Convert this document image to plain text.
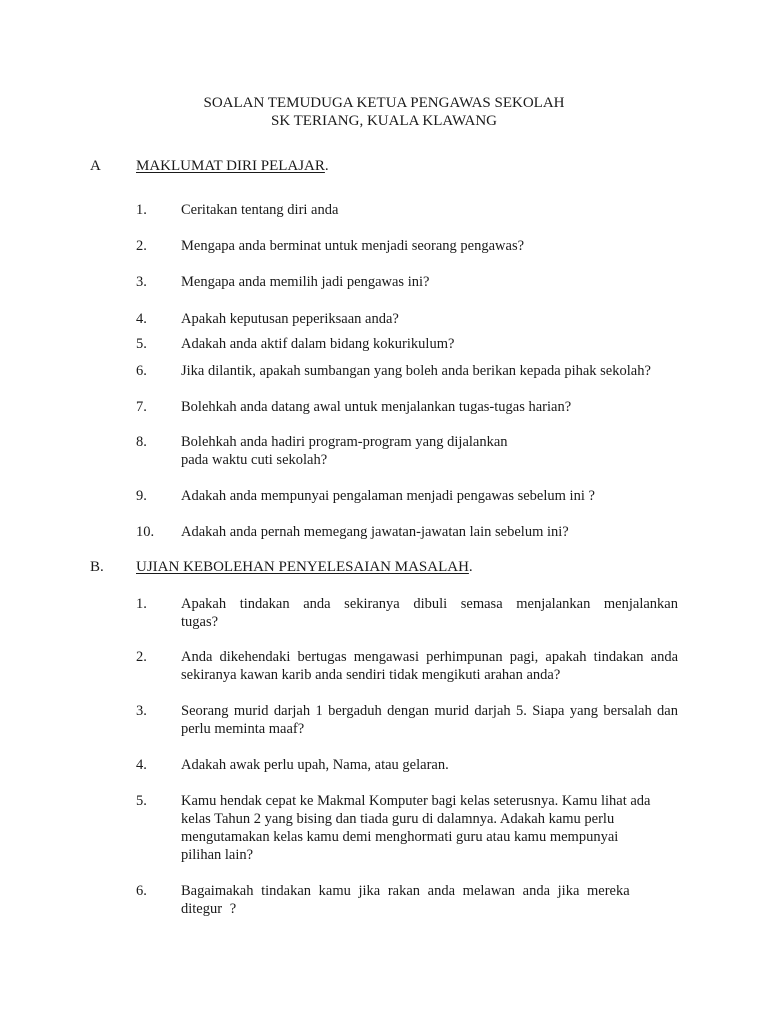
SOALAN TEMUDUGA KETUA PENGAWAS SEKOLAH
SK TERIANG, KUALA KLAWANG
A MAKLUMAT DIRI PELAJAR.
1. Ceritakan tentang diri anda
2. Mengapa anda berminat untuk menjadi seorang pengawas?
3. Mengapa anda memilih jadi pengawas ini?
4. Apakah keputusan peperiksaan anda?
5. Adakah anda aktif dalam bidang kokurikulum?
6. Jika dilantik, apakah sumbangan yang boleh anda berikan kepada pihak sekolah?
7. Bolehkah anda datang awal untuk menjalankan tugas-tugas harian?
8. Bolehkah anda hadiri program-program yang dijalankan
pada waktu cuti sekolah?
9. Adakah anda mempunyai pengalaman menjadi pengawas sebelum ini ?
10. Adakah anda pernah memegang jawatan-jawatan lain sebelum ini?
B. UJIAN KEBOLEHAN PENYELESAIAN MASALAH.
1. Apakah tindakan anda sekiranya dibuli semasa menjalankan menjalankan tugas?
2. Anda dikehendaki bertugas mengawasi perhimpunan pagi, apakah tindakan anda sekiranya kawan karib anda sendiri tidak mengikuti arahan anda?
3. Seorang murid darjah 1 bergaduh dengan murid darjah 5. Siapa yang bersalah dan perlu meminta maaf?
4. Adakah awak perlu upah, Nama, atau gelaran.
5. Kamu hendak cepat ke Makmal Komputer bagi kelas seterusnya. Kamu lihat ada
kelas Tahun 2 yang bising dan tiada guru di dalamnya. Adakah kamu perlu
mengutamakan kelas kamu demi menghormati guru atau kamu mempunyai
pilihan lain?
6. Bagaimakah tindakan kamu jika rakan anda melawan anda jika mereka ditegur ?
